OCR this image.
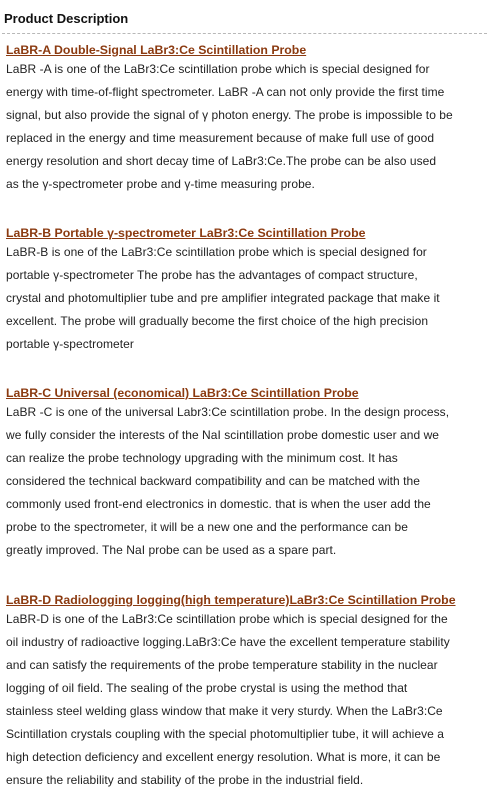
Product Description
LaBR-A Double-Signal LaBr3:Ce Scintillation Probe
LaBR -A is one of the LaBr3:Ce scintillation probe which is special designed for
energy with time-of-flight spectrometer. LaBR -A can not only provide the first time
signal, but also provide the signal of γ photon energy. The probe is impossible to be
replaced in the energy and time measurement because of make full use of good
energy resolution and short decay time of LaBr3:Ce.The probe can be also used
as the γ-spectrometer probe and γ-time measuring probe.
LaBR-B Portable γ-spectrometer LaBr3:Ce Scintillation Probe
LaBR-B is one of the LaBr3:Ce scintillation probe which is special designed for
portable γ-spectrometer The probe has the advantages of compact structure,
crystal and photomultiplier tube and pre amplifier integrated package that make it
excellent. The probe will gradually become the first choice of the high precision
portable γ-spectrometer
LaBR-C Universal (economical) LaBr3:Ce Scintillation Probe
LaBR -C is one of the universal Labr3:Ce scintillation probe. In the design process,
we fully consider the interests of the NaI scintillation probe domestic user and we
can realize the probe technology upgrading with the minimum cost. It has
considered the technical backward compatibility and can be matched with the
commonly used front-end electronics in domestic. that is when the user add the
probe to the spectrometer, it will be a new one and the performance can be
greatly improved. The NaI probe can be used as a spare part.
LaBR-D Radiologging logging(high temperature)LaBr3:Ce Scintillation Probe
LaBR-D is one of the LaBr3:Ce scintillation probe which is special designed for the
oil industry of radioactive logging.LaBr3:Ce have the excellent temperature stability
and can satisfy the requirements of the probe temperature stability in the nuclear
logging of oil field. The sealing of the probe crystal is using the method that
stainless steel welding glass window that make it very sturdy. When the LaBr3:Ce
Scintillation crystals coupling with the special photomultiplier tube, it will achieve a
high detection deficiency and excellent energy resolution. What is more, it can be
ensure the reliability and stability of the probe in the industrial field.
